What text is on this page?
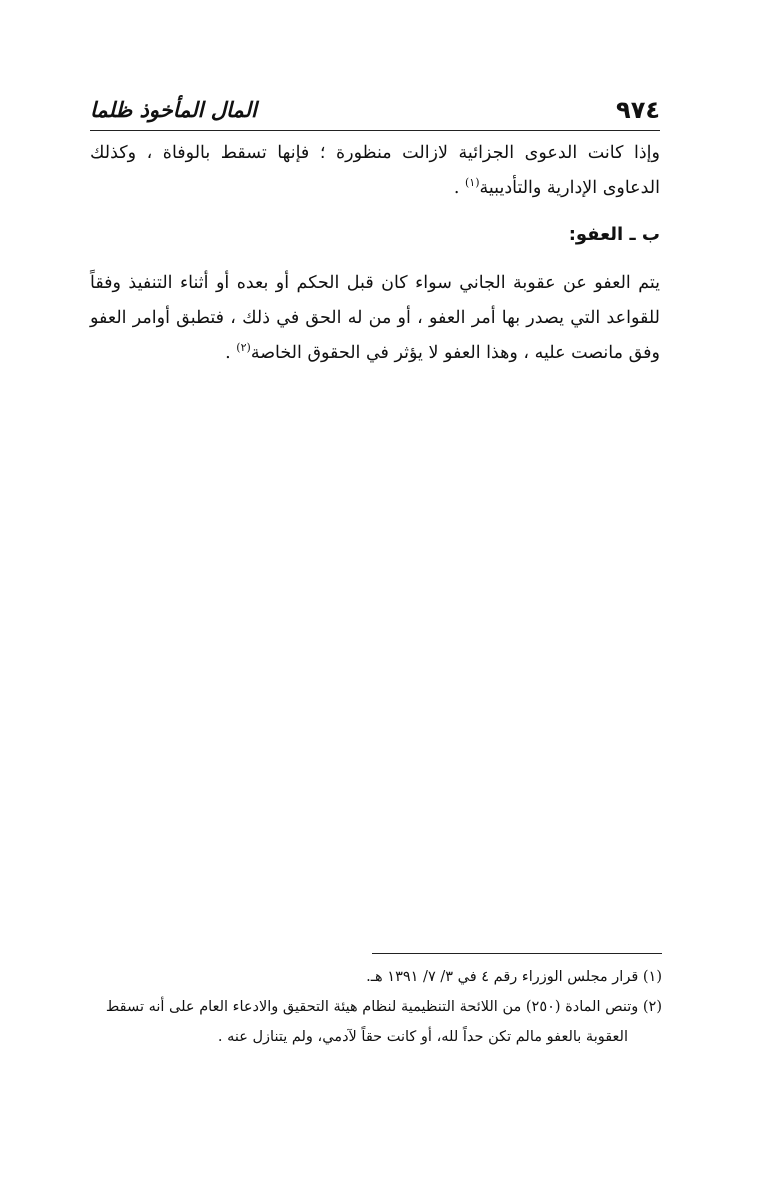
المال المأخوذ ظلما	٩٧٤

وإذا كانت الدعوى الجزائية لازالت منظورة ؛ فإنها تسقط بالوفاة ، وكذلك الدعاوى الإدارية والتأديبية$^{(١)}$ .

ب ـ العفو:

يتم العفو عن عقوبة الجاني سواء كان قبل الحكم أو بعده أو أثناء التنفيذ وفقاً للقواعد التي يصدر بها أمر العفو ، أو من له الحق في ذلك ، فتطبق أوامر العفو وفق مانصت عليه ، وهذا العفو لا يؤثر في الحقوق الخاصة$^{(٢)}$ .

(١) قرار مجلس الوزراء رقم ٤ في ٣/ ٧/ ١٣٩١ هـ.

(٢) وتنص المادة (٢٥٠) من اللائحة التنظيمية لنظام هيئة التحقيق والادعاء العام على أنه تسقط

العقوبة بالعفو مالم تكن حداً لله، أو كانت حقاً لآدمي، ولم يتنازل عنه .
